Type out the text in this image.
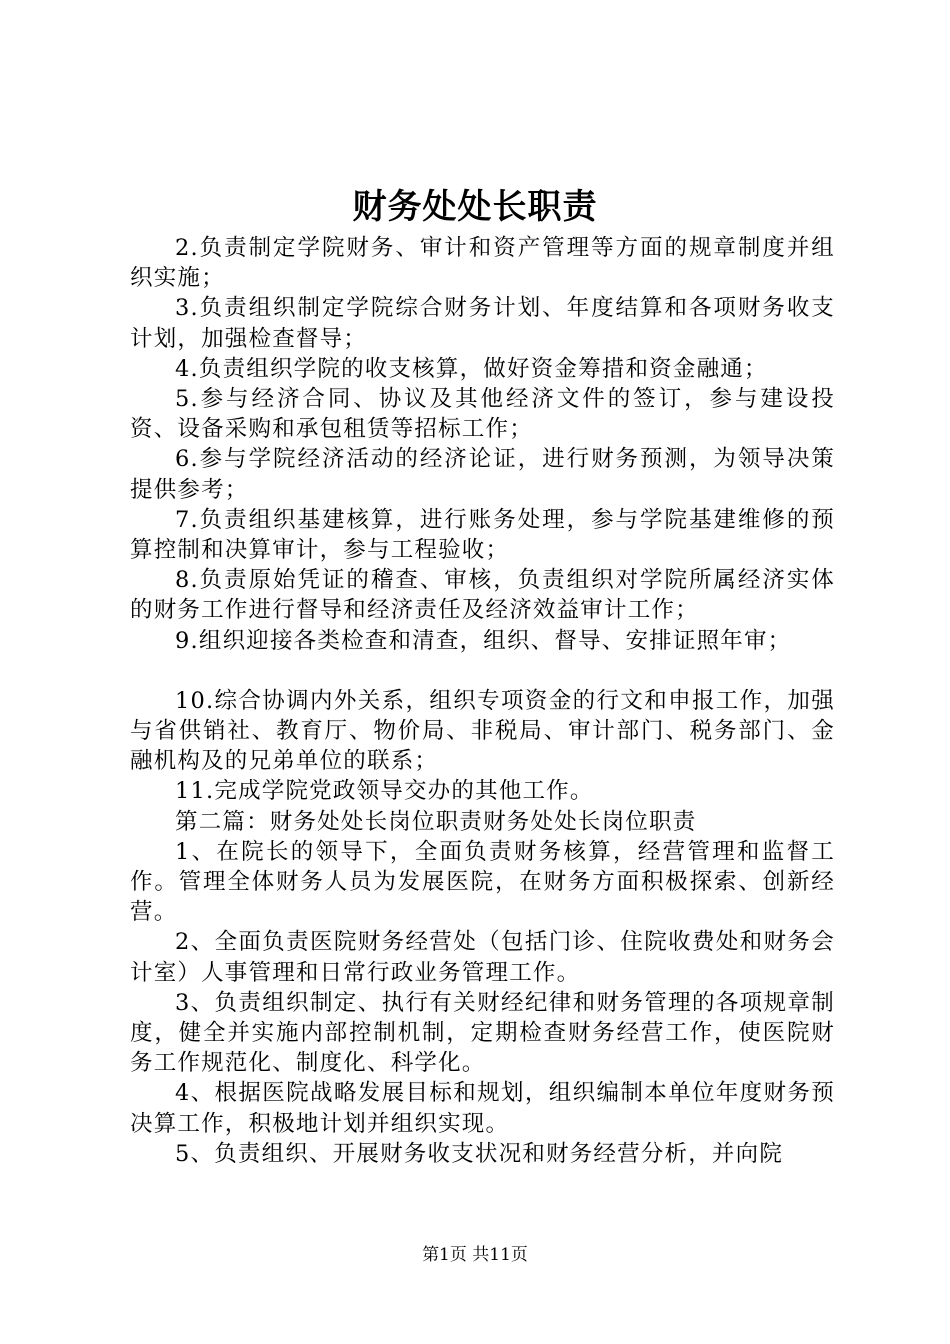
财务处处长职责

2.负责制定学院财务、审计和资产管理等方面的规章制度并组织实施；

3.负责组织制定学院综合财务计划、年度结算和各项财务收支计划，加强检查督导；

4.负责组织学院的收支核算，做好资金筹措和资金融通；

5.参与经济合同、协议及其他经济文件的签订，参与建设投资、设备采购和承包租赁等招标工作；

6.参与学院经济活动的经济论证，进行财务预测，为领导决策提供参考；

7.负责组织基建核算，进行账务处理，参与学院基建维修的预算控制和决算审计，参与工程验收；

8.负责原始凭证的稽查、审核，负责组织对学院所属经济实体的财务工作进行督导和经济责任及经济效益审计工作；

9.组织迎接各类检查和清查，组织、督导、安排证照年审；

10.综合协调内外关系，组织专项资金的行文和申报工作，加强与省供销社、教育厅、物价局、非税局、审计部门、税务部门、金融机构及的兄弟单位的联系；

11.完成学院党政领导交办的其他工作。

第二篇：财务处处长岗位职责财务处处长岗位职责

1、在院长的领导下，全面负责财务核算，经营管理和监督工作。管理全体财务人员为发展医院，在财务方面积极探索、创新经营。

2、全面负责医院财务经营处（包括门诊、住院收费处和财务会计室）人事管理和日常行政业务管理工作。

3、负责组织制定、执行有关财经纪律和财务管理的各项规章制度，健全并实施内部控制机制，定期检查财务经营工作，使医院财务工作规范化、制度化、科学化。

4、根据医院战略发展目标和规划，组织编制本单位年度财务预决算工作，积极地计划并组织实现。

5、负责组织、开展财务收支状况和财务经营分析，并向院

第1页 共11页
